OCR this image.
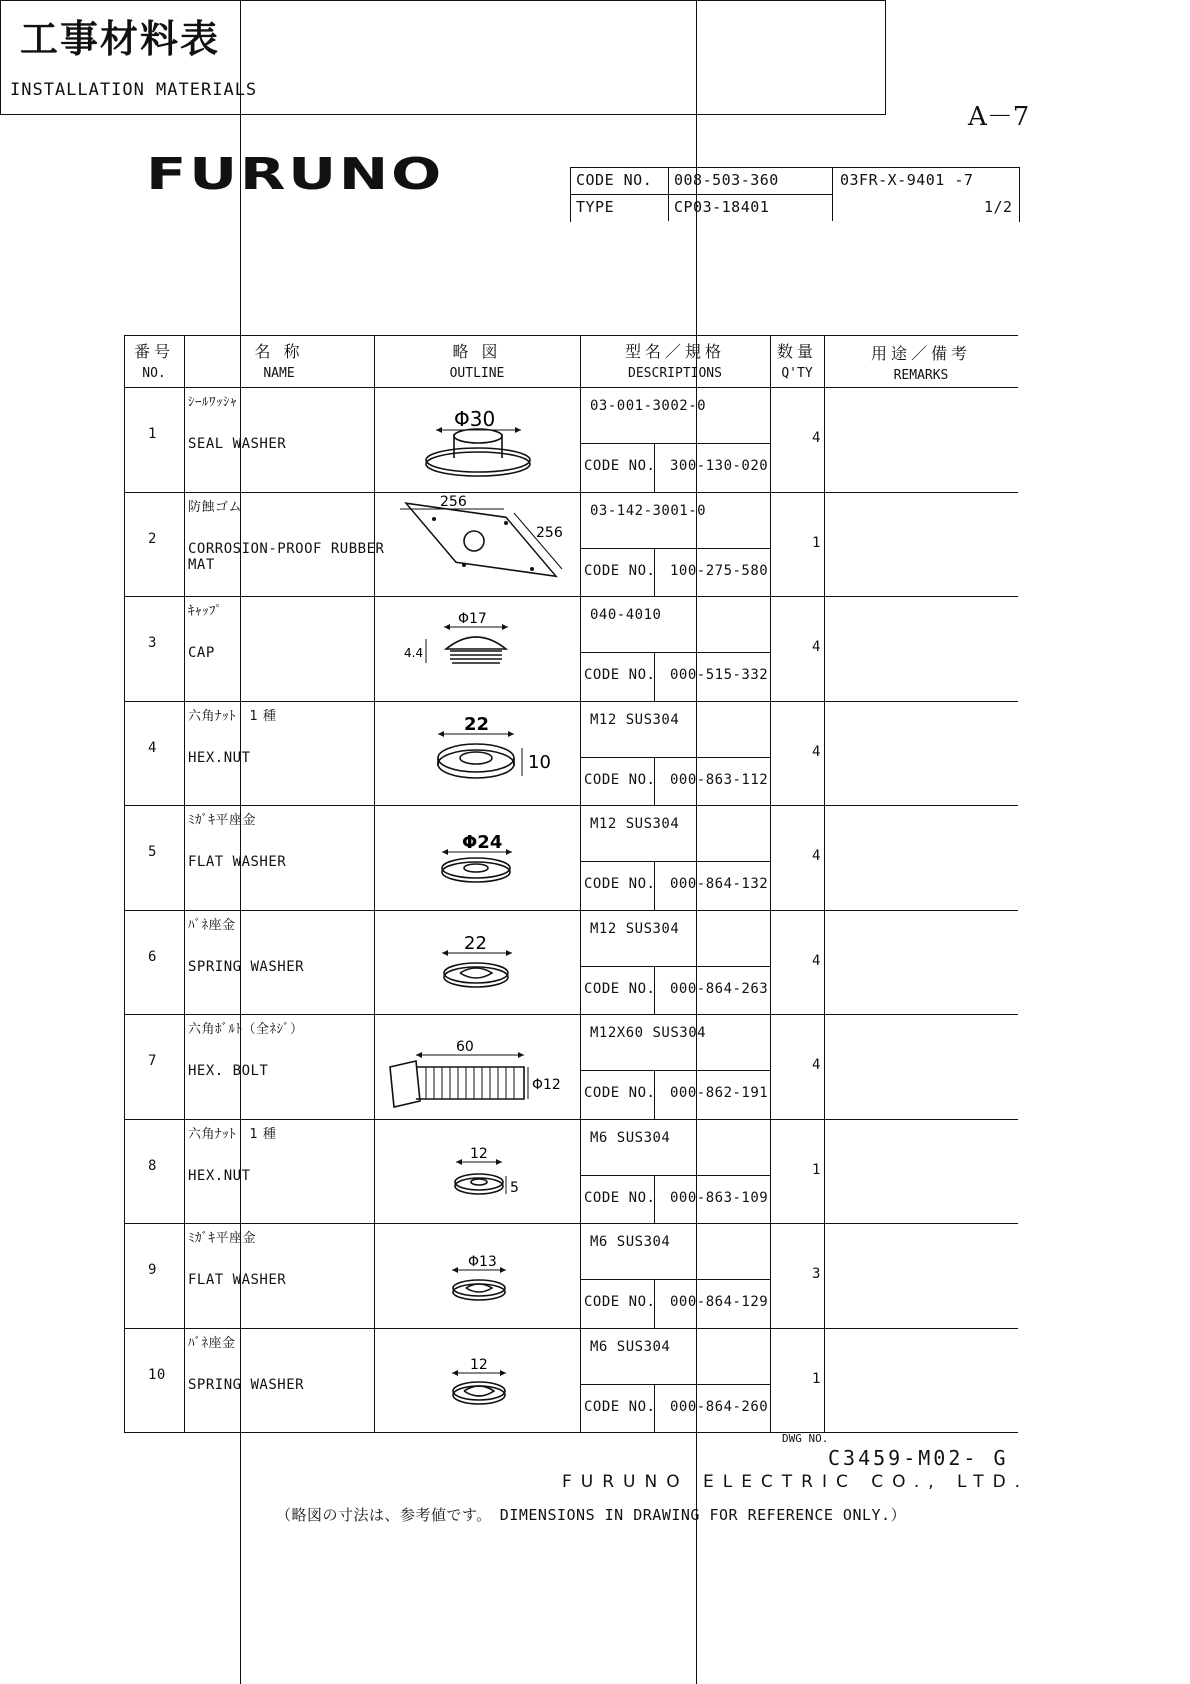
A－7
FURUNO	CODE NO. 008-503-360
TYPE	CP03-18401
03FR-X-9401 -7
1/2
工事材料表
INSTALLATION MATERIALS
番号
NO.
名 称
NAME
略 図
OUTLINE
型名／規格
DESCRIPTIONS
数量
Q'TY
用途／備考
REMARKS
1
ｼｰﾙﾜｯｼｬ
SEAL WASHER
03-001-3002-0
CODE NO. 300-130-020
4
Φ30
2
防蝕ゴム
CORROSION-PROOF RUBBER
MAT
03-142-3001-0
CODE NO. 100-275-580
1
256
256
3
ｷｬｯﾌﾟ
CAP
040-4010
CODE NO. 000-515-332
4
Φ17
4.4
4
六角ﾅｯﾄ　1 種
HEX.NUT
M12 SUS304
CODE NO. 000-863-112
4
22
10
5
ﾐｶﾞｷ平座金
FLAT WASHER
M12 SUS304
CODE NO. 000-864-132
4
Φ24
6
ﾊﾞﾈ座金
SPRING WASHER
M12 SUS304
CODE NO. 000-864-263
4
22
7
六角ﾎﾞﾙﾄ（全ﾈｼﾞ）
HEX. BOLT
M12X60 SUS304
CODE NO. 000-862-191
4
60
Φ12
8
六角ﾅｯﾄ　1 種
HEX.NUT
M6 SUS304
CODE NO. 000-863-109
1
12
5
9
ﾐｶﾞｷ平座金
FLAT WASHER
M6 SUS304
CODE NO. 000-864-129
3
Φ13
10
ﾊﾞﾈ座金
SPRING WASHER
M6 SUS304
CODE NO. 000-864-260
1
12
DWG NO.
C3459-M02- G
FURUNO ELECTRIC CO., LTD.
（略図の寸法は、参考値です。　DIMENSIONS IN DRAWING FOR REFERENCE ONLY.）
